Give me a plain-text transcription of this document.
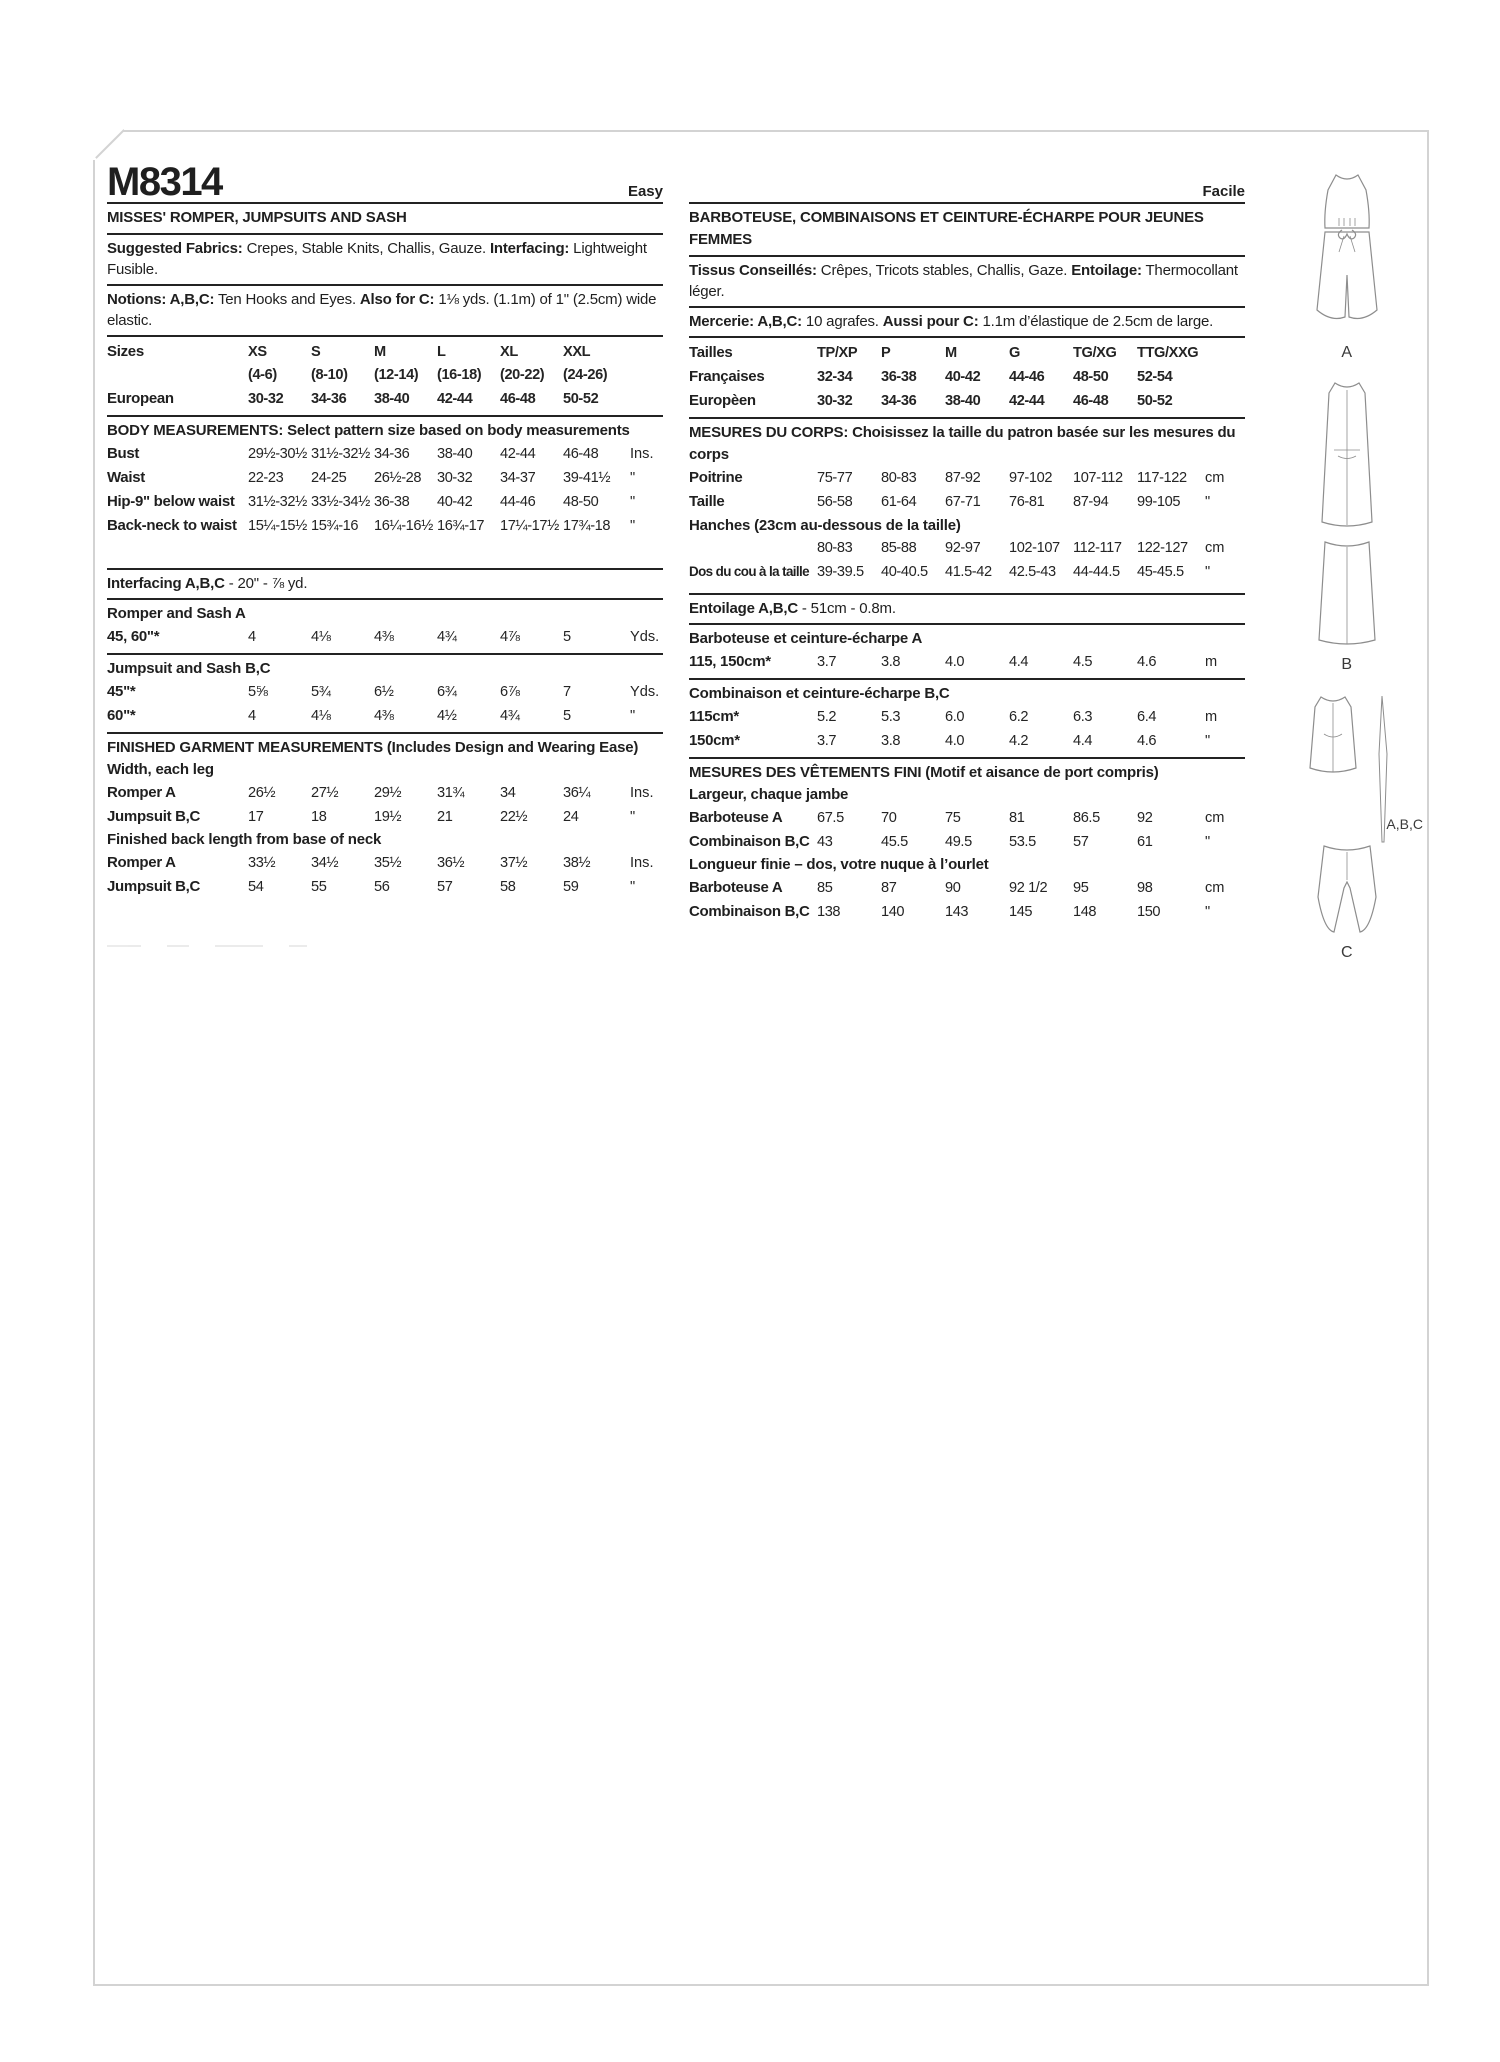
M8314	Easy
MISSES' ROMPER, JUMPSUITS AND SASH
Suggested Fabrics: Crepes, Stable Knits, Challis, Gauze. Interfacing: Lightweight Fusible.
Notions: A,B,C: Ten Hooks and Eyes. Also for C: 1⅛ yds. (1.1m) of 1" (2.5cm) wide elastic.
Sizes	XS	S	M	L	XL	XXL
(4-6)	(8-10)	(12-14)	(16-18)	(20-22)	(24-26)
European	30-32	34-36	38-40	42-44	46-48	50-52
BODY MEASUREMENTS: Select pattern size based on body measurements
Bust	29½-30½ 31½-32½ 34-36	38-40	42-44	46-48	Ins.
Waist	22-23	24-25	26½-28	30-32	34-37	39-41½	"
Hip-9" below waist 31½-32½ 33½-34½ 36-38	40-42	44-46	48-50	"
Back-neck to waist 15¼-15½ 15¾-16	16¼-16½ 16¾-17	17¼-17½ 17¾-18	"
Interfacing A,B,C - 20" - ⅞ yd.
Romper and Sash A
45, 60"*	4	4⅛	4⅜	4¾	4⅞	5	Yds.
Jumpsuit and Sash B,C
45"*	5⅝	5¾	6½	6¾	6⅞	7	Yds.
60"*	4	4⅛	4⅜	4½	4¾	5	"
FINISHED GARMENT MEASUREMENTS (Includes Design and Wearing Ease)
Width, each leg
Romper A	26½	27½	29½	31¾	34	36¼	Ins.
Jumpsuit B,C	17	18	19½	21	22½	24	"
Finished back length from base of neck
Romper A	33½	34½	35½	36½	37½	38½	Ins.
Jumpsuit B,C	54	55	56	57	58	59	"
Facile
BARBOTEUSE, COMBINAISONS ET CEINTURE-ÉCHARPE POUR JEUNES FEMMES
Tissus Conseillés: Crêpes, Tricots stables, Challis, Gaze. Entoilage: Thermocollant léger.
Mercerie: A,B,C: 10 agrafes. Aussi pour C: 1.1m d’élastique de 2.5cm de large.
Tailles	TP/XP	P	M	G	TG/XG	TTG/XXG
Françaises	32-34	36-38	40-42	44-46	48-50	52-54
Europèen	30-32	34-36	38-40	42-44	46-48	50-52
MESURES DU CORPS: Choisissez la taille du patron basée sur les mesures du corps
Poitrine	75-77	80-83	87-92	97-102	107-112 117-122	cm
Taille	56-58	61-64	67-71	76-81	87-94	99-105	"
Hanches (23cm au-dessous de la taille)
80-83	85-88	92-97	102-107 112-117	122-127	cm
Dos du cou à la taille 39-39.5	40-40.5	41.5-42	42.5-43	44-44.5	45-45.5	"
Entoilage A,B,C - 51cm - 0.8m.
Barboteuse et ceinture-écharpe A
115, 150cm*	3.7	3.8	4.0	4.4	4.5	4.6	m
Combinaison et ceinture-écharpe B,C
115cm*	5.2	5.3	6.0	6.2	6.3	6.4	m
150cm*	3.7	3.8	4.0	4.2	4.4	4.6	"
MESURES DES VÊTEMENTS FINI (Motif et aisance de port compris)
Largeur, chaque jambe
Barboteuse A	67.5	70	75	81	86.5	92	cm
Combinaison B,C 43	45.5	49.5	53.5	57	61	"
Longueur finie – dos, votre nuque à l’ourlet
Barboteuse A	85	87	90	92 1/2	95	98	cm
Combinaison B,C 138	140	143	145	148	150	"
A
B
A,B,C
C
